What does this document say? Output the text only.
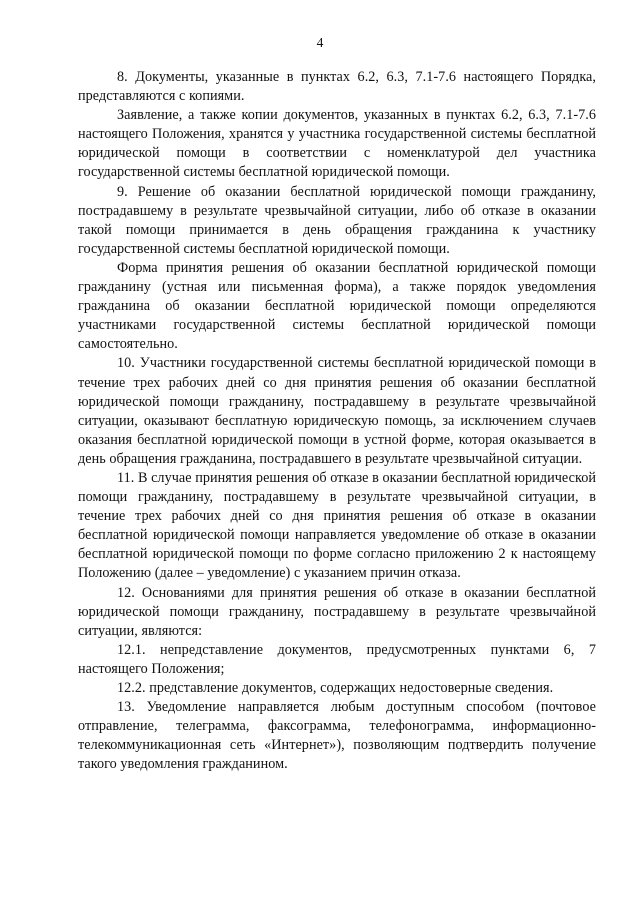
4

8. Документы, указанные в пунктах 6.2, 6.3, 7.1-7.6 настоящего Порядка, представляются с копиями.

Заявление, а также копии документов, указанных в пунктах 6.2, 6.3, 7.1-7.6 настоящего Положения, хранятся у участника государственной системы бесплатной юридической помощи в соответствии с номенклатурой дел участника государственной системы бесплатной юридической помощи.

9. Решение об оказании бесплатной юридической помощи гражданину, пострадавшему в результате чрезвычайной ситуации, либо об отказе в оказании такой помощи принимается в день обращения гражданина к участнику государственной системы бесплатной юридической помощи.

Форма принятия решения об оказании бесплатной юридической помощи гражданину (устная или письменная форма), а также порядок уведомления гражданина об оказании бесплатной юридической помощи определяются участниками государственной системы бесплатной юридической помощи самостоятельно.

10. Участники государственной системы бесплатной юридической помощи в течение трех рабочих дней со дня принятия решения об оказании бесплатной юридической помощи гражданину, пострадавшему в результате чрезвычайной ситуации, оказывают бесплатную юридическую помощь, за исключением случаев оказания бесплатной юридической помощи в устной форме, которая оказывается в день обращения гражданина, пострадавшего в результате чрезвычайной ситуации.

11. В случае принятия решения об отказе в оказании бесплатной юридической помощи гражданину, пострадавшему в результате чрезвычайной ситуации, в течение трех рабочих дней со дня принятия решения об отказе в оказании бесплатной юридической помощи направляется уведомление об отказе в оказании бесплатной юридической помощи по форме согласно приложению 2 к настоящему Положению (далее – уведомление) с указанием причин отказа.

12. Основаниями для принятия решения об отказе в оказании бесплатной юридической помощи гражданину, пострадавшему в результате чрезвычайной ситуации, являются:

12.1. непредставление документов, предусмотренных пунктами 6, 7 настоящего Положения;

12.2. представление документов, содержащих недостоверные сведения.

13. Уведомление направляется любым доступным способом (почтовое отправление, телеграмма, факсограмма, телефонограмма, информационно-телекоммуникационная сеть «Интернет»), позволяющим подтвердить получение такого уведомления гражданином.
